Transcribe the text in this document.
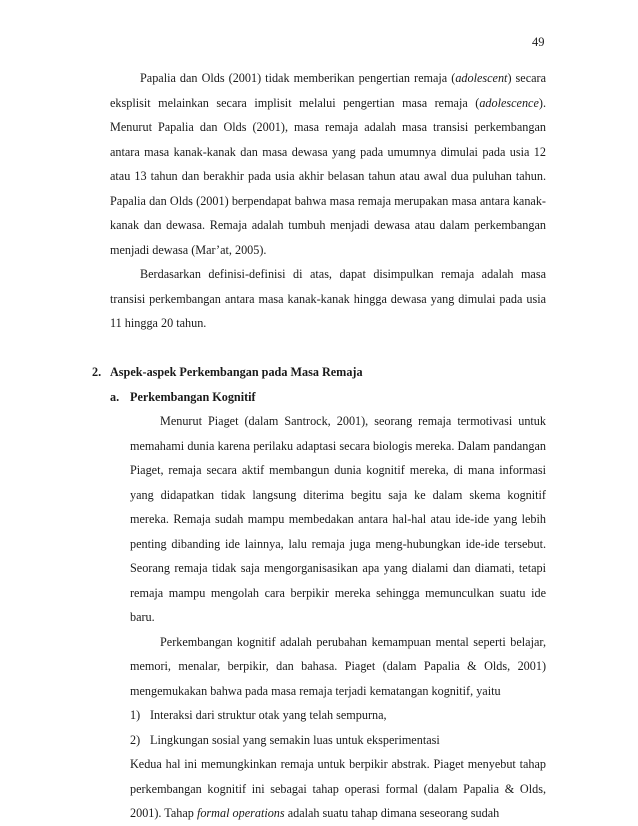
49

Papalia dan Olds (2001) tidak memberikan pengertian remaja (adolescent) secara eksplisit melainkan secara implisit melalui pengertian masa remaja (adolescence). Menurut Papalia dan Olds (2001), masa remaja adalah masa transisi perkembangan antara masa kanak-kanak dan masa dewasa yang pada umumnya dimulai pada usia 12 atau 13 tahun dan berakhir pada usia akhir belasan tahun atau awal dua puluhan tahun. Papalia dan Olds (2001) berpendapat bahwa masa remaja merupakan masa antara kanak-kanak dan dewasa. Remaja adalah tumbuh menjadi dewasa atau dalam perkembangan menjadi dewasa (Mar’at, 2005).

Berdasarkan definisi-definisi di atas, dapat disimpulkan remaja adalah masa transisi perkembangan antara masa kanak-kanak hingga dewasa yang dimulai pada usia 11 hingga 20 tahun.

2. Aspek-aspek Perkembangan pada Masa Remaja

a. Perkembangan Kognitif

Menurut Piaget (dalam Santrock, 2001), seorang remaja termotivasi untuk memahami dunia karena perilaku adaptasi secara biologis mereka. Dalam pandangan Piaget, remaja secara aktif membangun dunia kognitif mereka, di mana informasi yang didapatkan tidak langsung diterima begitu saja ke dalam skema kognitif mereka. Remaja sudah mampu membedakan antara hal-hal atau ide-ide yang lebih penting dibanding ide lainnya, lalu remaja juga meng-hubungkan ide-ide tersebut. Seorang remaja tidak saja mengorganisasikan apa yang dialami dan diamati, tetapi remaja mampu mengolah cara berpikir mereka sehingga memunculkan suatu ide baru.

Perkembangan kognitif adalah perubahan kemampuan mental seperti belajar, memori, menalar, berpikir, dan bahasa. Piaget (dalam Papalia & Olds, 2001) mengemukakan bahwa pada masa remaja terjadi kematangan kognitif, yaitu

1) Interaksi dari struktur otak yang telah sempurna,
2) Lingkungan sosial yang semakin luas untuk eksperimentasi

Kedua hal ini memungkinkan remaja untuk berpikir abstrak. Piaget menyebut tahap perkembangan kognitif ini sebagai tahap operasi formal (dalam Papalia & Olds, 2001). Tahap formal operations adalah suatu tahap dimana seseorang sudah
